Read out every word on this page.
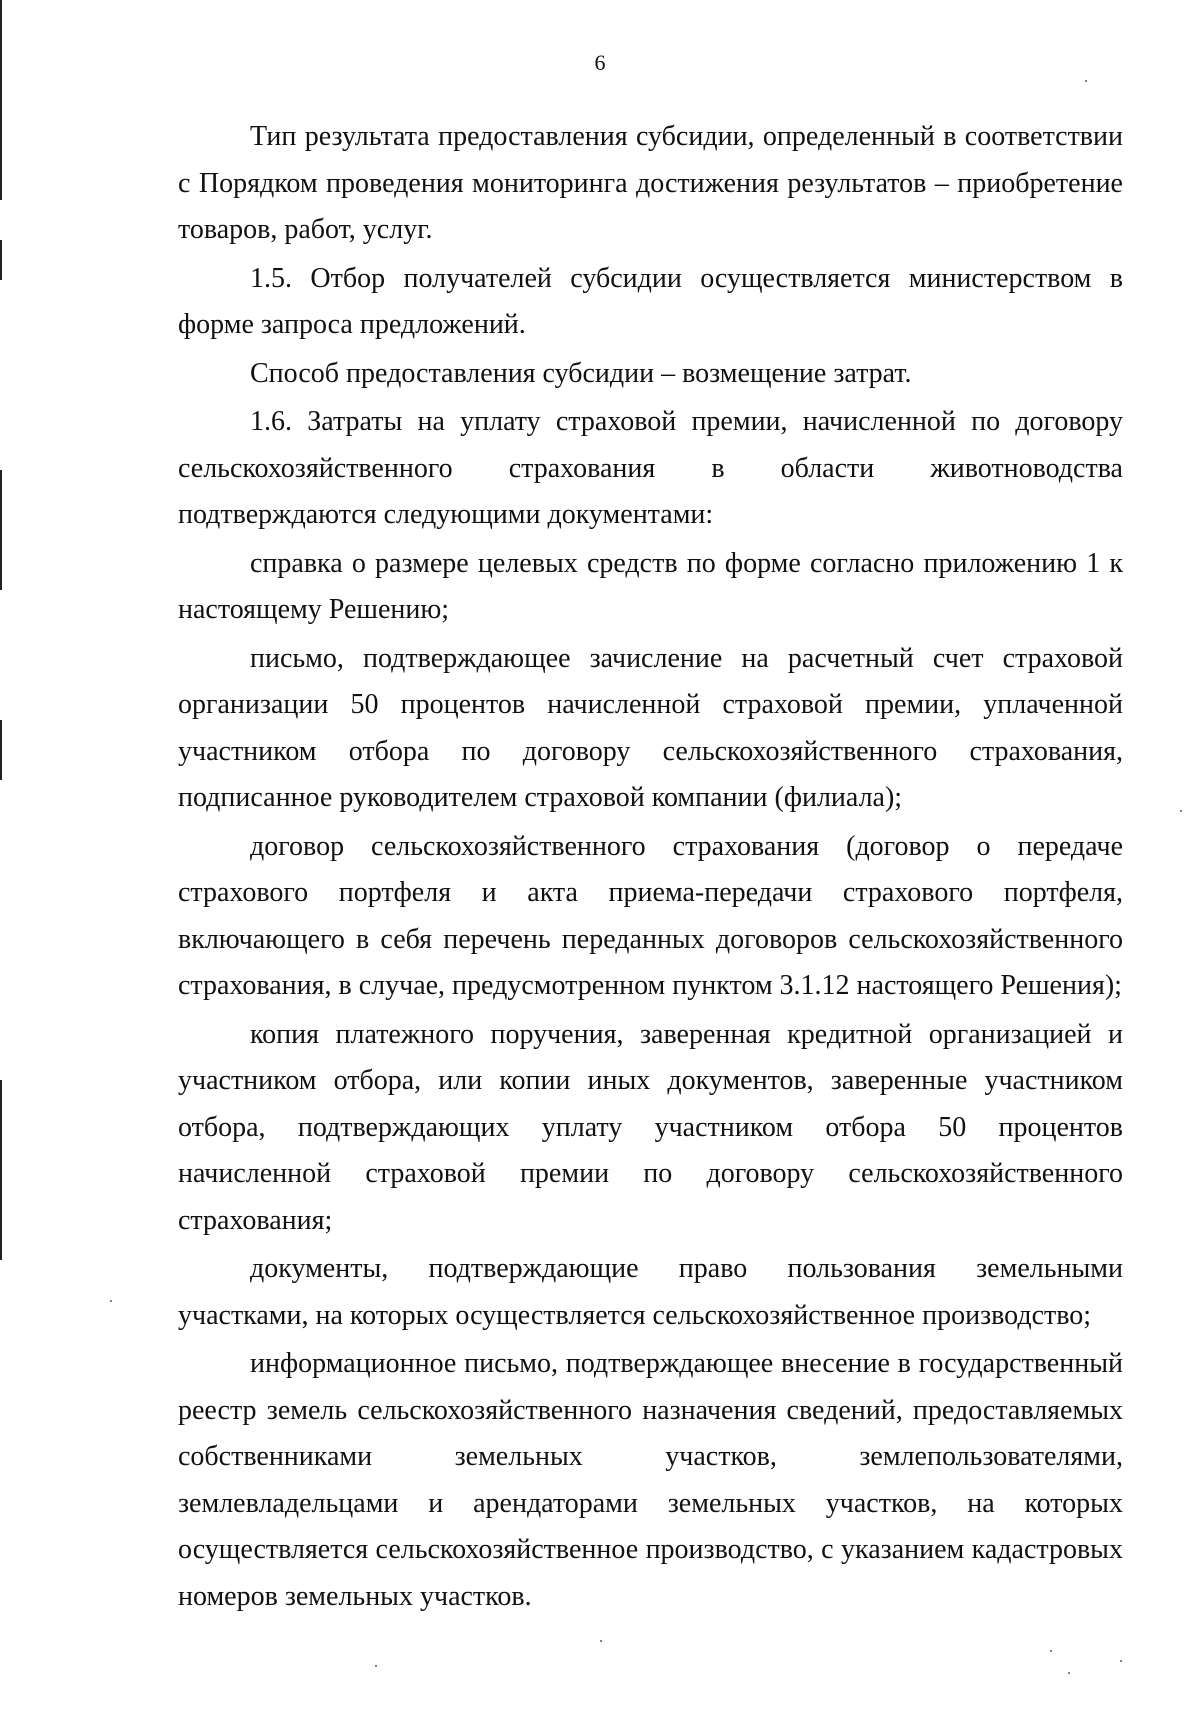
6

Тип результата предоставления субсидии, определенный в соответствии с Порядком проведения мониторинга достижения результатов – приобретение товаров, работ, услуг.

1.5. Отбор получателей субсидии осуществляется министерством в форме запроса предложений.

Способ предоставления субсидии – возмещение затрат.

1.6. Затраты на уплату страховой премии, начисленной по договору сельскохозяйственного страхования в области животноводства подтверждаются следующими документами:

справка о размере целевых средств по форме согласно приложению 1 к настоящему Решению;

письмо, подтверждающее зачисление на расчетный счет страховой организации 50 процентов начисленной страховой премии, уплаченной участником отбора по договору сельскохозяйственного страхования, подписанное руководителем страховой компании (филиала);

договор сельскохозяйственного страхования (договор о передаче страхового портфеля и акта приема-передачи страхового портфеля, включающего в себя перечень переданных договоров сельскохозяйственного страхования, в случае, предусмотренном пунктом 3.1.12 настоящего Решения);

копия платежного поручения, заверенная кредитной организацией и участником отбора, или копии иных документов, заверенные участником отбора, подтверждающих уплату участником отбора 50 процентов начисленной страховой премии по договору сельскохозяйственного страхования;

документы, подтверждающие право пользования земельными участками, на которых осуществляется сельскохозяйственное производство;

информационное письмо, подтверждающее внесение в государственный реестр земель сельскохозяйственного назначения сведений, предоставляемых собственниками земельных участков, землепользователями, землевладельцами и арендаторами земельных участков, на которых осуществляется сельскохозяйственное производство, с указанием кадастровых номеров земельных участков.
